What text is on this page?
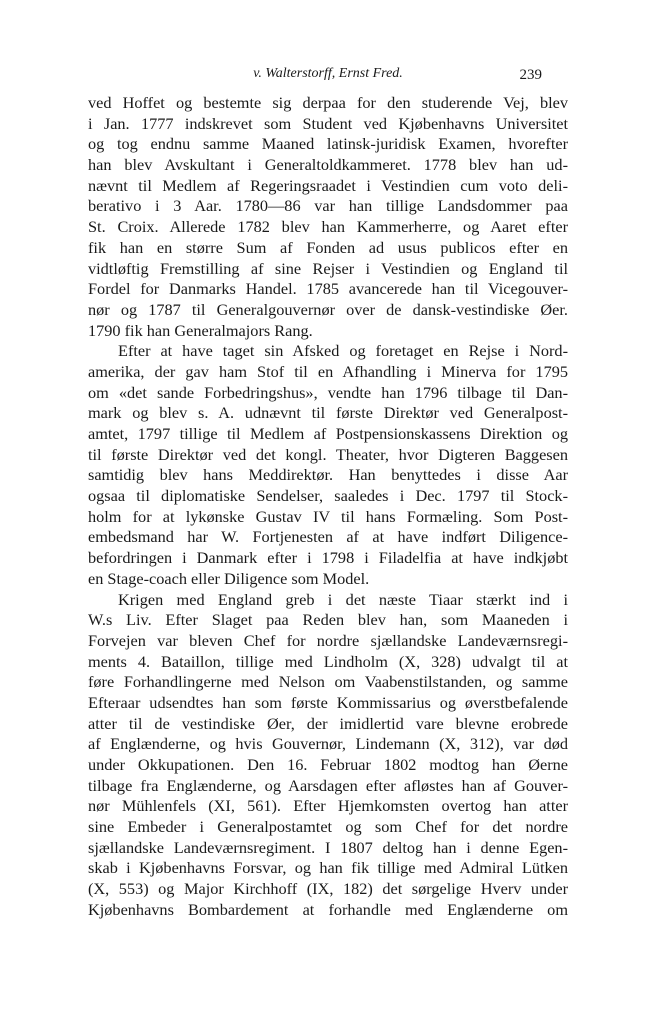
v. Walterstorff, Ernst Fred.	239
ved Hoffet og bestemte sig derpaa for den studerende Vej, blev
i Jan. 1777 indskrevet som Student ved Kjøbenhavns Universitet
og tog endnu samme Maaned latinsk-juridisk Examen, hvorefter
han blev Avskultant i Generaltoldkammeret. 1778 blev han ud-
nævnt til Medlem af Regeringsraadet i Vestindien cum voto deli-
berativo i 3 Aar. 1780—86 var han tillige Landsdommer paa
St. Croix. Allerede 1782 blev han Kammerherre, og Aaret efter
fik han en større Sum af Fonden ad usus publicos efter en
vidtløftig Fremstilling af sine Rejser i Vestindien og England til
Fordel for Danmarks Handel. 1785 avancerede han til Vicegouver-
nør og 1787 til Generalgouvernør over de dansk-vestindiske Øer.
1790 fik han Generalmajors Rang.
Efter at have taget sin Afsked og foretaget en Rejse i Nord-
amerika, der gav ham Stof til en Afhandling i Minerva for 1795
om «det sande Forbedringshus», vendte han 1796 tilbage til Dan-
mark og blev s. A. udnævnt til første Direktør ved Generalpost-
amtet, 1797 tillige til Medlem af Postpensionskassens Direktion og
til første Direktør ved det kongl. Theater, hvor Digteren Baggesen
samtidig blev hans Meddirektør. Han benyttedes i disse Aar
ogsaa til diplomatiske Sendelser, saaledes i Dec. 1797 til Stock-
holm for at lykønske Gustav IV til hans Formæling. Som Post-
embedsmand har W. Fortjenesten af at have indført Diligence-
befordringen i Danmark efter i 1798 i Filadelfia at have indkjøbt
en Stage-coach eller Diligence som Model.
Krigen med England greb i det næste Tiaar stærkt ind i
W.s Liv. Efter Slaget paa Reden blev han, som Maaneden i
Forvejen var bleven Chef for nordre sjællandske Landeværnsregi-
ments 4. Bataillon, tillige med Lindholm (X, 328) udvalgt til at
føre Forhandlingerne med Nelson om Vaabenstilstanden, og samme
Efteraar udsendtes han som første Kommissarius og øverstbefalende
atter til de vestindiske Øer, der imidlertid vare blevne erobrede
af Englænderne, og hvis Gouvernør, Lindemann (X, 312), var død
under Okkupationen. Den 16. Februar 1802 modtog han Øerne
tilbage fra Englænderne, og Aarsdagen efter afløstes han af Gouver-
nør Mühlenfels (XI, 561). Efter Hjemkomsten overtog han atter
sine Embeder i Generalpostamtet og som Chef for det nordre
sjællandske Landeværnsregiment. I 1807 deltog han i denne Egen-
skab i Kjøbenhavns Forsvar, og han fik tillige med Admiral Lütken
(X, 553) og Major Kirchhoff (IX, 182) det sørgelige Hverv under
Kjøbenhavns Bombardement at forhandle med Englænderne om
